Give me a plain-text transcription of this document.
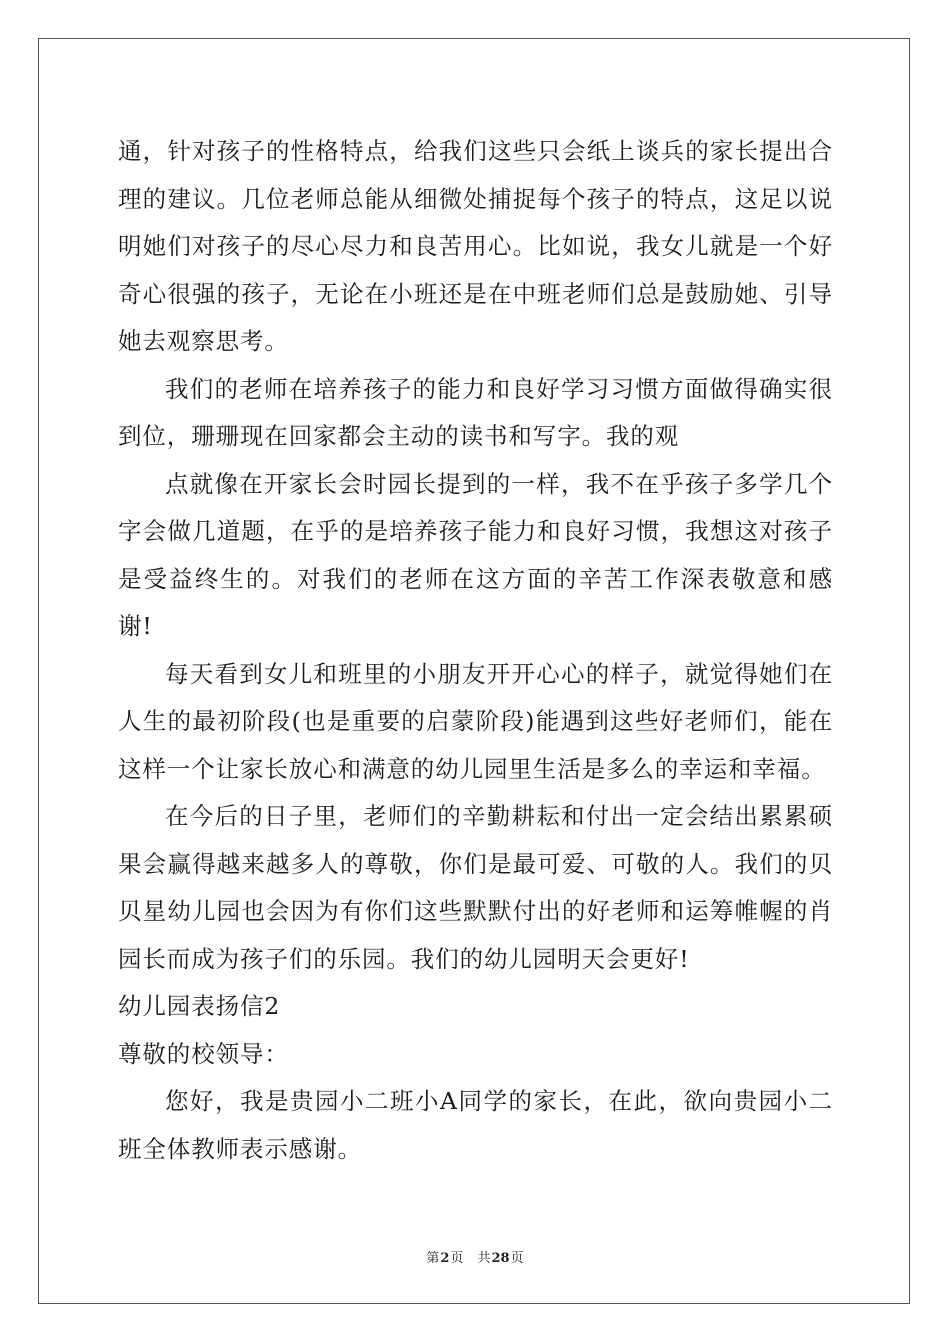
通，针对孩子的性格特点，给我们这些只会纸上谈兵的家长提出合理的建议。几位老师总能从细微处捕捉每个孩子的特点，这足以说明她们对孩子的尽心尽力和良苦用心。比如说，我女儿就是一个好奇心很强的孩子，无论在小班还是在中班老师们总是鼓励她、引导她去观察思考。

我们的老师在培养孩子的能力和良好学习习惯方面做得确实很到位，珊珊现在回家都会主动的读书和写字。我的观

点就像在开家长会时园长提到的一样，我不在乎孩子多学几个字会做几道题，在乎的是培养孩子能力和良好习惯，我想这对孩子是受益终生的。对我们的老师在这方面的辛苦工作深表敬意和感谢!

每天看到女儿和班里的小朋友开开心心的样子，就觉得她们在人生的最初阶段(也是重要的启蒙阶段)能遇到这些好老师们，能在这样一个让家长放心和满意的幼儿园里生活是多么的幸运和幸福。

在今后的日子里，老师们的辛勤耕耘和付出一定会结出累累硕果会赢得越来越多人的尊敬，你们是最可爱、可敬的人。我们的贝贝星幼儿园也会因为有你们这些默默付出的好老师和运筹帷幄的肖园长而成为孩子们的乐园。我们的幼儿园明天会更好!

幼儿园表扬信2

尊敬的校领导：

您好，我是贵园小二班小A同学的家长，在此，欲向贵园小二班全体教师表示感谢。

第2页 共28页
